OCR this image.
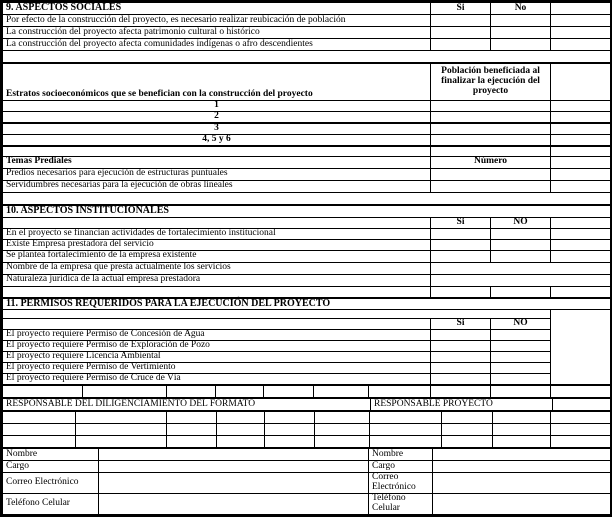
9. ASPECTOS SOCIALES	Si	No	
Por efecto de la construcción del proyecto, es necesario realizar reubicación de población			
La construcción del proyecto afecta patrimonio cultural o histórico			
La construcción del proyecto afecta comunidades indígenas o afro descendientes			

Estratos socioeconómicos que se benefician con la construcción del proyecto	Población beneficiada al finalizar la ejecución del proyecto	
1		
2		
3		
4, 5 y 6		

Temas Prediales	Número	
Predios necesarios para ejecución de estructuras puntuales		
Servidumbres necesarias para la ejecución de obras lineales		

10. ASPECTOS INSTITUCIONALES			
	Si	NO	
En el proyecto se financian actividades de fortalecimiento institucional			
Existe Empresa prestadora del servicio			
Se plantea fortalecimiento de la empresa existente			
Nombre de la empresa que presta actualmente los servicios			
Naturaleza jurídica de la actual empresa prestadora			

11. PERMISOS REQUERIDOS PARA LA EJECUCIÓN DEL PROYECTO			

	Si	NO	
El proyecto requiere Permiso de Concesión de Agua			
El proyecto requiere Permiso de Exploración de Pozo			
El proyecto requiere Licencia Ambiental			
El proyecto requiere Permiso de Vertimiento			
El proyecto requiere Permiso de Cruce de Vía			

RESPONSABLE DEL DILIGENCIAMIENTO DEL FORMATO	RESPONSABLE PROYECTO	

Nombre		Nombre	
Cargo		Cargo	
Correo Electrónico		Correo Electrónico	
Teléfono Celular		Teléfono Celular	
